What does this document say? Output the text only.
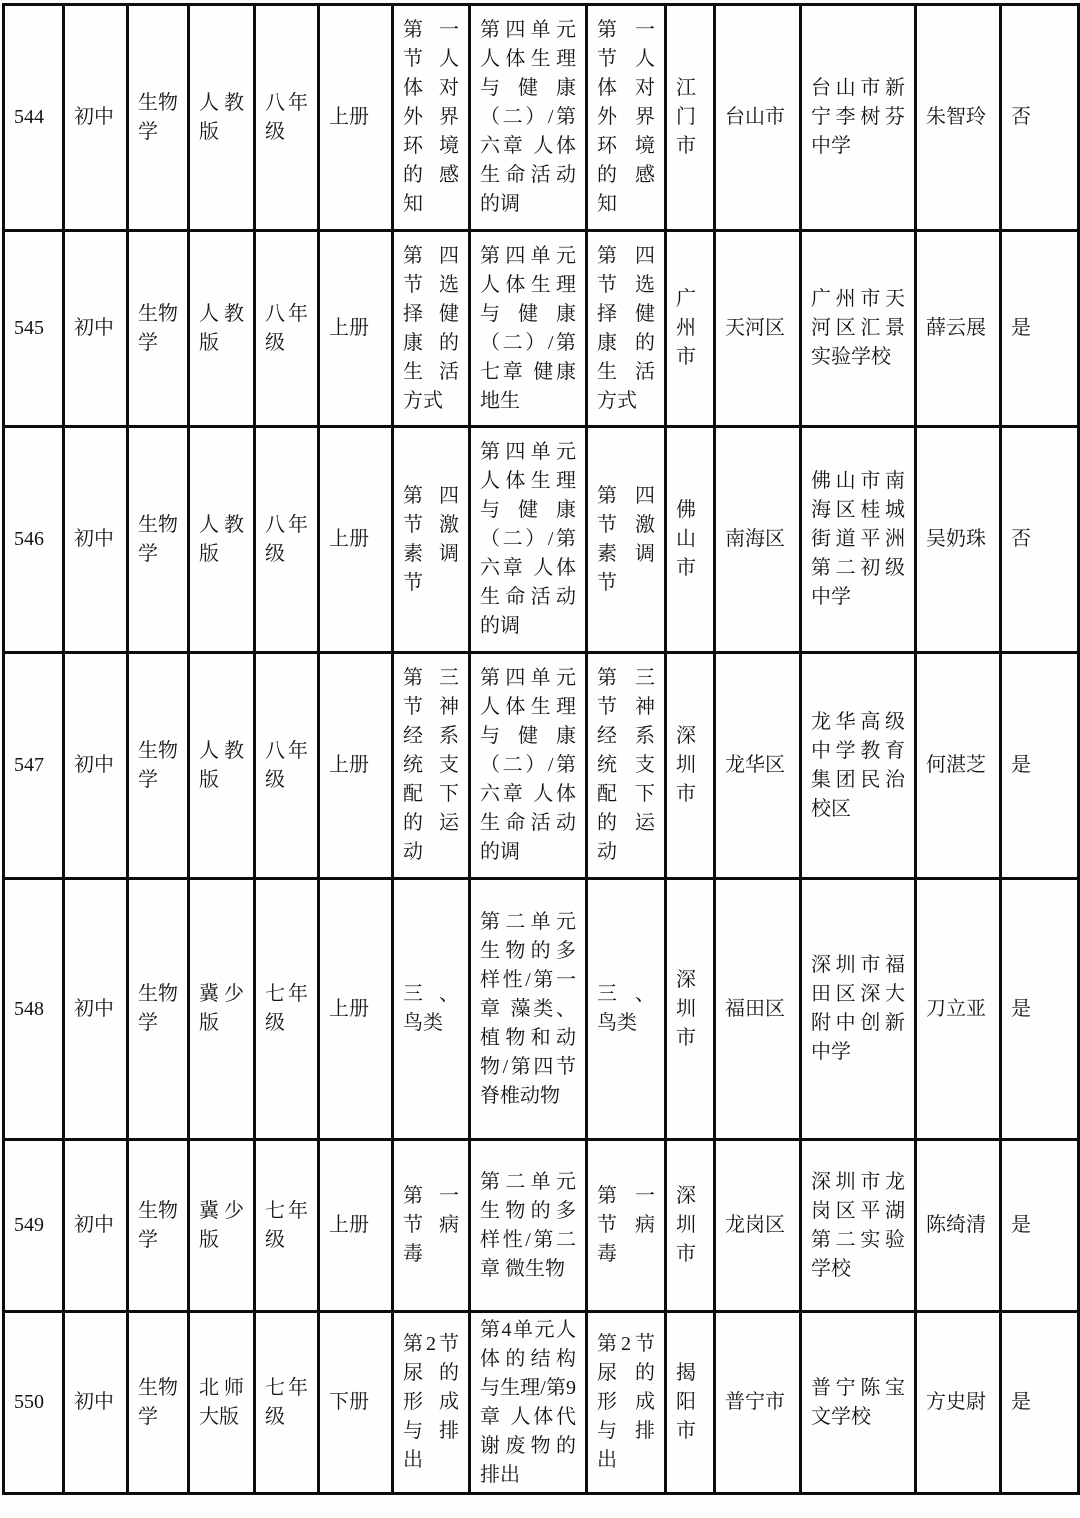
544	初中	生物学	人教版	八年级	上册	第一节 人体对外界环境的感知	第四单元人体生理与健康（二）/第六章 人体生命活动的调	第一节 人体对外界环境的感知	江门市	台山市	台山市新宁李树芬中学	朱智玲	否
545	初中	生物学	人教版	八年级	上册	第四节 选择健康的生活方式	第四单元人体生理与健康（二）/第七章 健康地生	第四节 选择健康的生活方式	广州市	天河区	广州市天河区汇景实验学校	薛云展	是
546	初中	生物学	人教版	八年级	上册	第四节 激素调节	第四单元人体生理与健康（二）/第六章 人体生命活动的调	第四节 激素调节	佛山市	南海区	佛山市南海区桂城街道平洲第二初级中学	吴奶珠	否
547	初中	生物学	人教版	八年级	上册	第三节 神经系统支配下的运动	第四单元人体生理与健康（二）/第六章 人体生命活动的调	第三节 神经系统支配下的运动	深圳市	龙华区	龙华高级中学教育集团民治校区	何湛芝	是
548	初中	生物学	冀少版	七年级	上册	三、鸟类	第二单元生物的多样性/第一章 藻类、植物和动物/第四节 脊椎动物	三、鸟类	深圳市	福田区	深圳市福田区深大附中创新中学	刀立亚	是
549	初中	生物学	冀少版	七年级	上册	第一节 病毒	第二单元生物的多样性/第二章 微生物	第一节 病毒	深圳市	龙岗区	深圳市龙岗区平湖第二实验学校	陈绮清	是
550	初中	生物学	北师大版	七年级	下册	第2节 尿的形成与排出	第4单元人体的结构与生理/第9章 人体代谢废物的排出	第2节 尿的形成与排出	揭阳市	普宁市	普宁陈宝文学校	方史尉	是
